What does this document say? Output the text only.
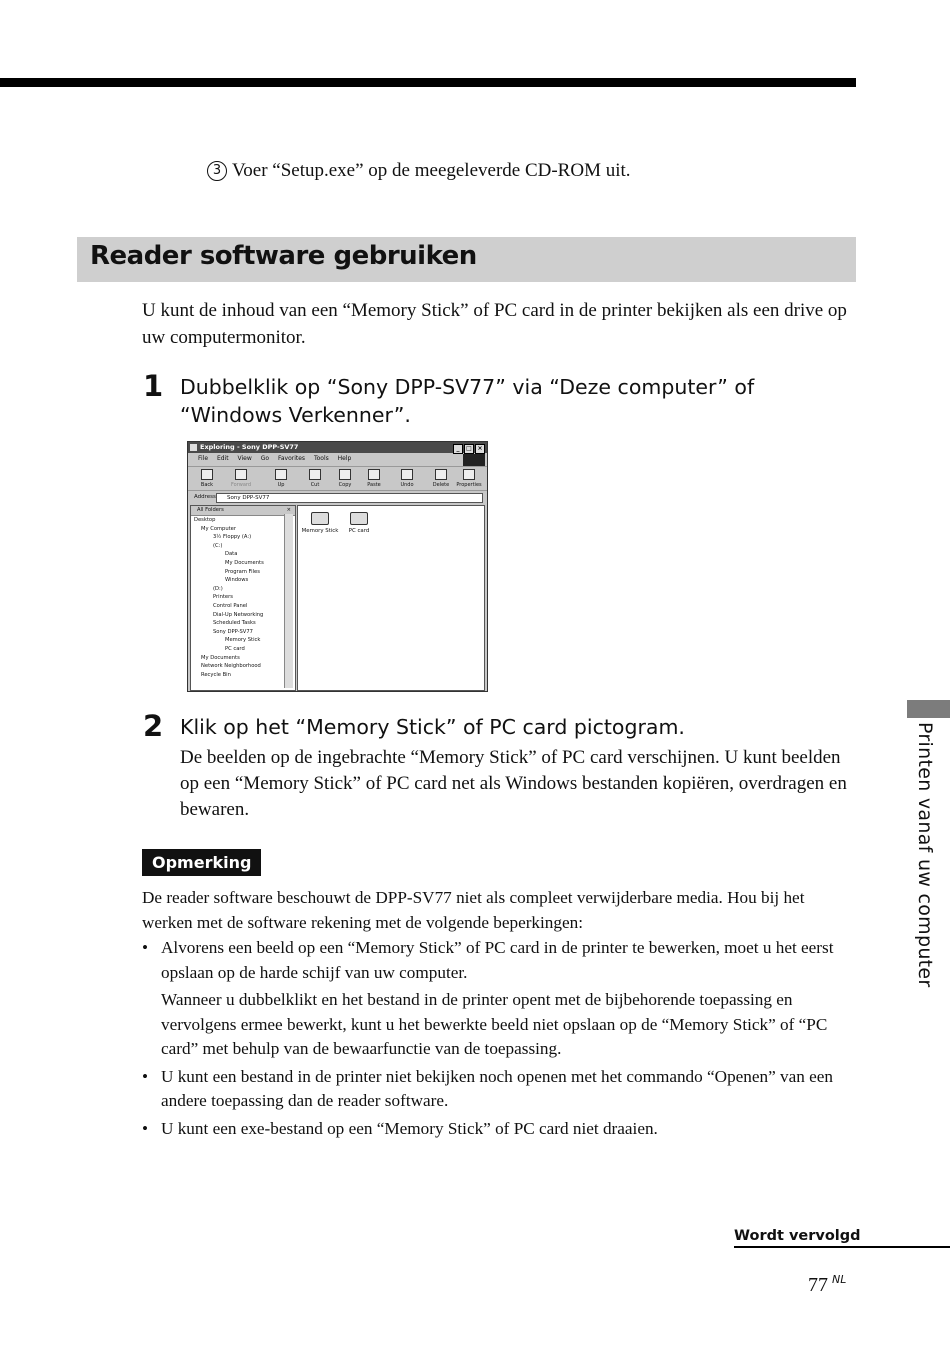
3 Voer “Setup.exe” op de meegeleverde CD-ROM uit.
Reader software gebruiken
U kunt de inhoud van een “Memory Stick” of PC card in de printer bekijken als een drive op uw computermonitor.
1 Dubbelklik op “Sony DPP-SV77” via “Deze computer” of “Windows Verkenner”.
Exploring - Sony DPP-SV77	_ □ ×
File Edit View Go Favorites Tools Help
Back	Forward	Up	Cut	Copy	Paste	Undo	Delete	Properties
Address	Sony DPP-SV77
All Folders	×
Desktop
My Computer
3½ Floppy (A:)
(C:)
Data
My Documents
Program Files
Windows
(D:)
Printers
Control Panel
Dial-Up Networking
Scheduled Tasks
Sony DPP-SV77
Memory Stick
PC card
My Documents
Network Neighborhood
Recycle Bin
Memory Stick	PC card
2 Klik op het “Memory Stick” of PC card pictogram.
De beelden op de ingebrachte “Memory Stick” of PC card verschijnen. U kunt beelden op een “Memory Stick” of PC card net als Windows bestanden kopiëren, overdragen en bewaren.
Opmerking
De reader software beschouwt de DPP-SV77 niet als compleet verwijderbare media. Hou bij het werken met de software rekening met de volgende beperkingen:
• Alvorens een beeld op een “Memory Stick” of PC card in de printer te bewerken, moet u het eerst opslaan op de harde schijf van uw computer.

Wanneer u dubbelklikt en het bestand in de printer opent met de bijbehorende toepassing en vervolgens ermee bewerkt, kunt u het bewerkte beeld niet opslaan op de “Memory Stick” of “PC card” met behulp van de bewaarfunctie van de toepassing.

• U kunt een bestand in de printer niet bekijken noch openen met het commando “Openen” van een andere toepassing dan de reader software.

• U kunt een exe-bestand op een “Memory Stick” of PC card niet draaien.

Printen vanaf uw computer
Wordt vervolgd
77 $^{NL}$
